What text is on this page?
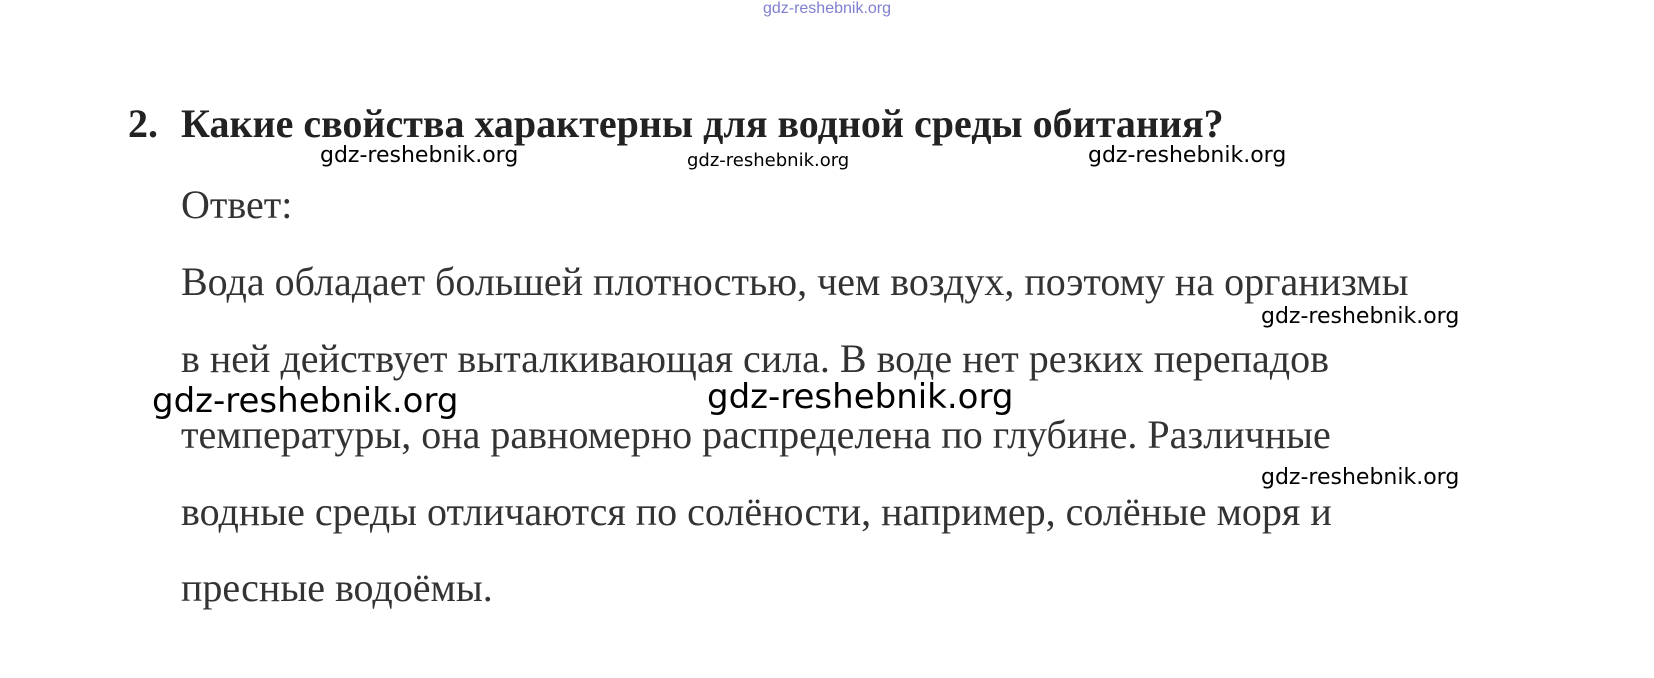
gdz-reshebnik.org
2. Какие свойства характерны для водной среды обитания?
Ответ:
Вода обладает большей плотностью, чем воздух, поэтому на организмы
в ней действует выталкивающая сила. В воде нет резких перепадов
температуры, она равномерно распределена по глубине. Различные
водные среды отличаются по солёности, например, солёные моря и
пресные водоёмы.
gdz-reshebnik.org	gdz-reshebnik.org	gdz-reshebnik.org
gdz-reshebnik.org
gdz-reshebnik.org	gdz-reshebnik.org
gdz-reshebnik.org
